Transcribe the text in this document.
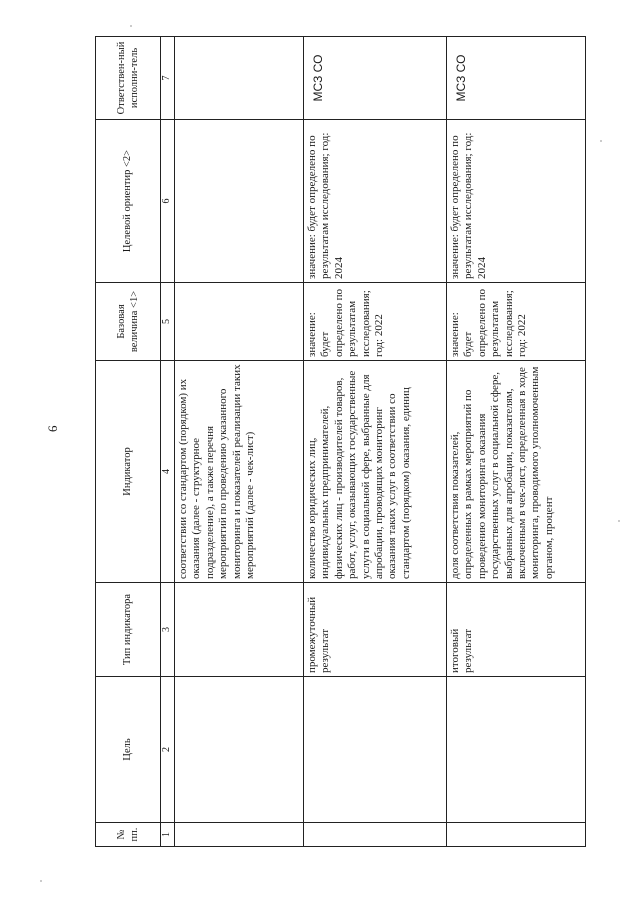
6
№ пп.	Цель	Тип индикатора	Индикатор	Базовая величина <1>	Целевой ориентир <2>	Ответствен-ный исполни-тель
1	2	3	4	5	6	7
			соответствии со стандартом (порядком) их оказания (далее - структурное подразделение), а также перечня мероприятий по проведению указанного мониторинга и показателей реализации таких мероприятий (далее - чек-лист)			
		промежуточный результат	количество юридических лиц, индивидуальных предпринимателей, физических лиц - производителей товаров, работ, услуг, оказывающих государственные услуги в социальной сфере, выбранные для апробации, проводящих мониторинг оказания таких услуг в соответствии со стандартом (порядком) оказания, единиц	значение: будет определено по результатам исследования; год: 2022	значение: будет определено по результатам исследования; год: 2024	МСЗ СО
		итоговый результат	доля соответствия показателей, определенных в рамках мероприятий по проведению мониторинга оказания государственных услуг в социальной сфере, выбранных для апробации, показателям, включенным в чек-лист, определенная в ходе мониторинга, проводимого уполномоченным органом, процент	значение: будет определено по результатам исследования; год: 2022	значение: будет определено по результатам исследования; год: 2024	МСЗ СО
